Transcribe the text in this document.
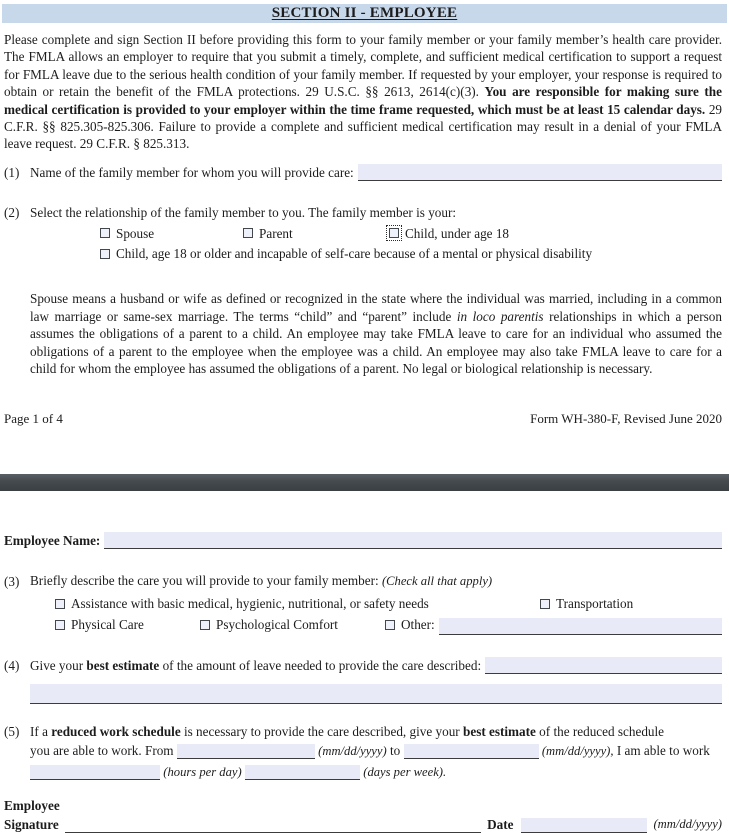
SECTION II - EMPLOYEE

Please complete and sign Section II before providing this form to your family member or your family member’s health care provider. The FMLA allows an employer to require that you submit a timely, complete, and sufficient medical certification to support a request for FMLA leave due to the serious health condition of your family member. If requested by your employer, your response is required to obtain or retain the benefit of the FMLA protections. 29 U.S.C. §§ 2613, 2614(c)(3). You are responsible for making sure the medical certification is provided to your employer within the time frame requested, which must be at least 15 calendar days. 29 C.F.R. §§ 825.305-825.306. Failure to provide a complete and sufficient medical certification may result in a denial of your FMLA leave request. 29 C.F.R. § 825.313.

(1) Name of the family member for whom you will provide care:
(2) Select the relationship of the family member to you. The family member is your:
Spouse	Parent	Child, under age 18
Child, age 18 or older and incapable of self-care because of a mental or physical disability

Spouse means a husband or wife as defined or recognized in the state where the individual was married, including in a common law marriage or same-sex marriage. The terms “child” and “parent” include in loco parentis relationships in which a person assumes the obligations of a parent to a child. An employee may take FMLA leave to care for an individual who assumed the obligations of a parent to the employee when the employee was a child. An employee may also take FMLA leave to care for a child for whom the employee has assumed the obligations of a parent. No legal or biological relationship is necessary.

Page 1 of 4	Form WH-380-F, Revised June 2020
Employee Name:
(3) Briefly describe the care you will provide to your family member: (Check all that apply)
Assistance with basic medical, hygienic, nutritional, or safety needs	Transportation
Physical Care	Psychological Comfort	Other:
(4) Give your best estimate of the amount of leave needed to provide the care described:
(5) If a reduced work schedule is necessary to provide the care described, give your best estimate of the reduced schedule
you are able to work. From	(mm/dd/yyyy) to	(mm/dd/yyyy), I am able to work
(hours per day)	(days per week).
Employee
Signature	Date	(mm/dd/yyyy)
